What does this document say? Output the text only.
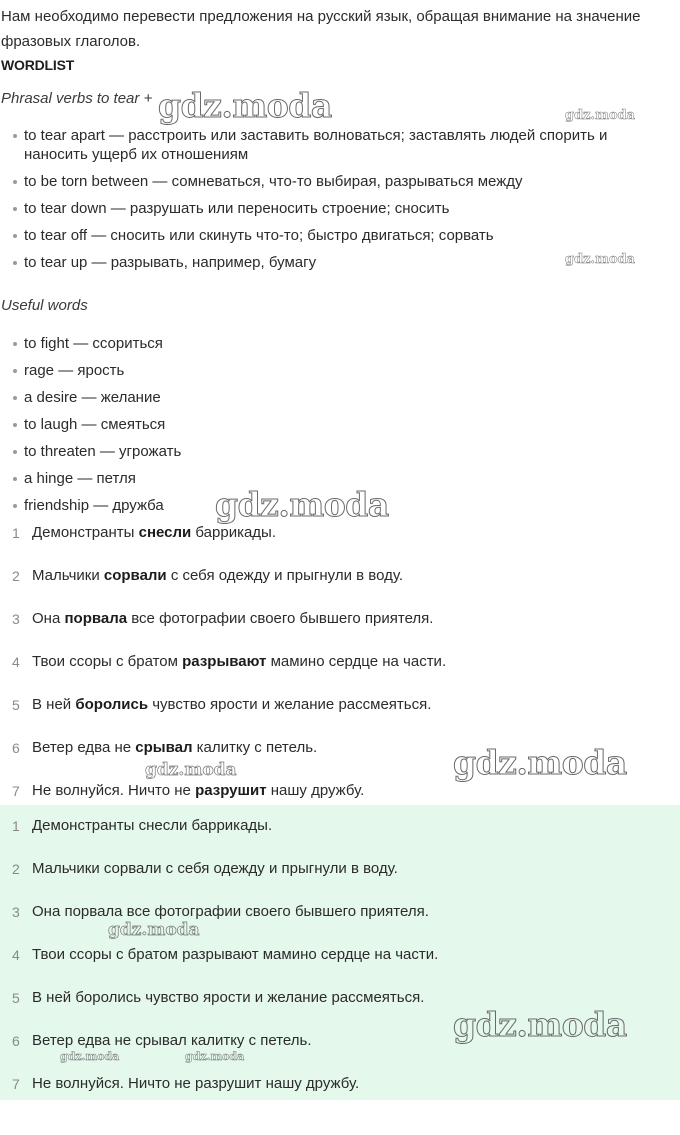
Нам необходимо перевести предложения на русский язык, обращая внимание на значение фразовых глаголов.
WORDLIST
Phrasal verbs to tear +
to tear apart — расстроить или заставить волноваться; заставлять людей спорить и наносить ущерб их отношениям
to be torn between — сомневаться, что-то выбирая, разрываться между
to tear down — разрушать или переносить строение; сносить
to tear off — сносить или скинуть что-то; быстро двигаться; сорвать
to tear up — разрывать, например, бумагу
Useful words
to fight — ссориться
rage — ярость
a desire — желание
to laugh — смеяться
to threaten — угрожать
a hinge — петля
friendship — дружба
1 Демонстранты снесли баррикады.
2 Мальчики сорвали с себя одежду и прыгнули в воду.
3 Она порвала все фотографии своего бывшего приятеля.
4 Твои ссоры с братом разрывают мамино сердце на части.
5 В ней боролись чувство ярости и желание рассмеяться.
6 Ветер едва не срывал калитку с петель.
7 Не волнуйся. Ничто не разрушит нашу дружбу.
1 Демонстранты снесли баррикады.
2 Мальчики сорвали с себя одежду и прыгнули в воду.
3 Она порвала все фотографии своего бывшего приятеля.
4 Твои ссоры с братом разрывают мамино сердце на части.
5 В ней боролись чувство ярости и желание рассмеяться.
6 Ветер едва не срывал калитку с петель.
7 Не волнуйся. Ничто не разрушит нашу дружбу.
gdz.moda	gdz.moda
gdz.moda
gdz.moda
gdz.moda
gdz.moda
gdz.moda
gdz.moda
gdz.moda	gdz.moda
